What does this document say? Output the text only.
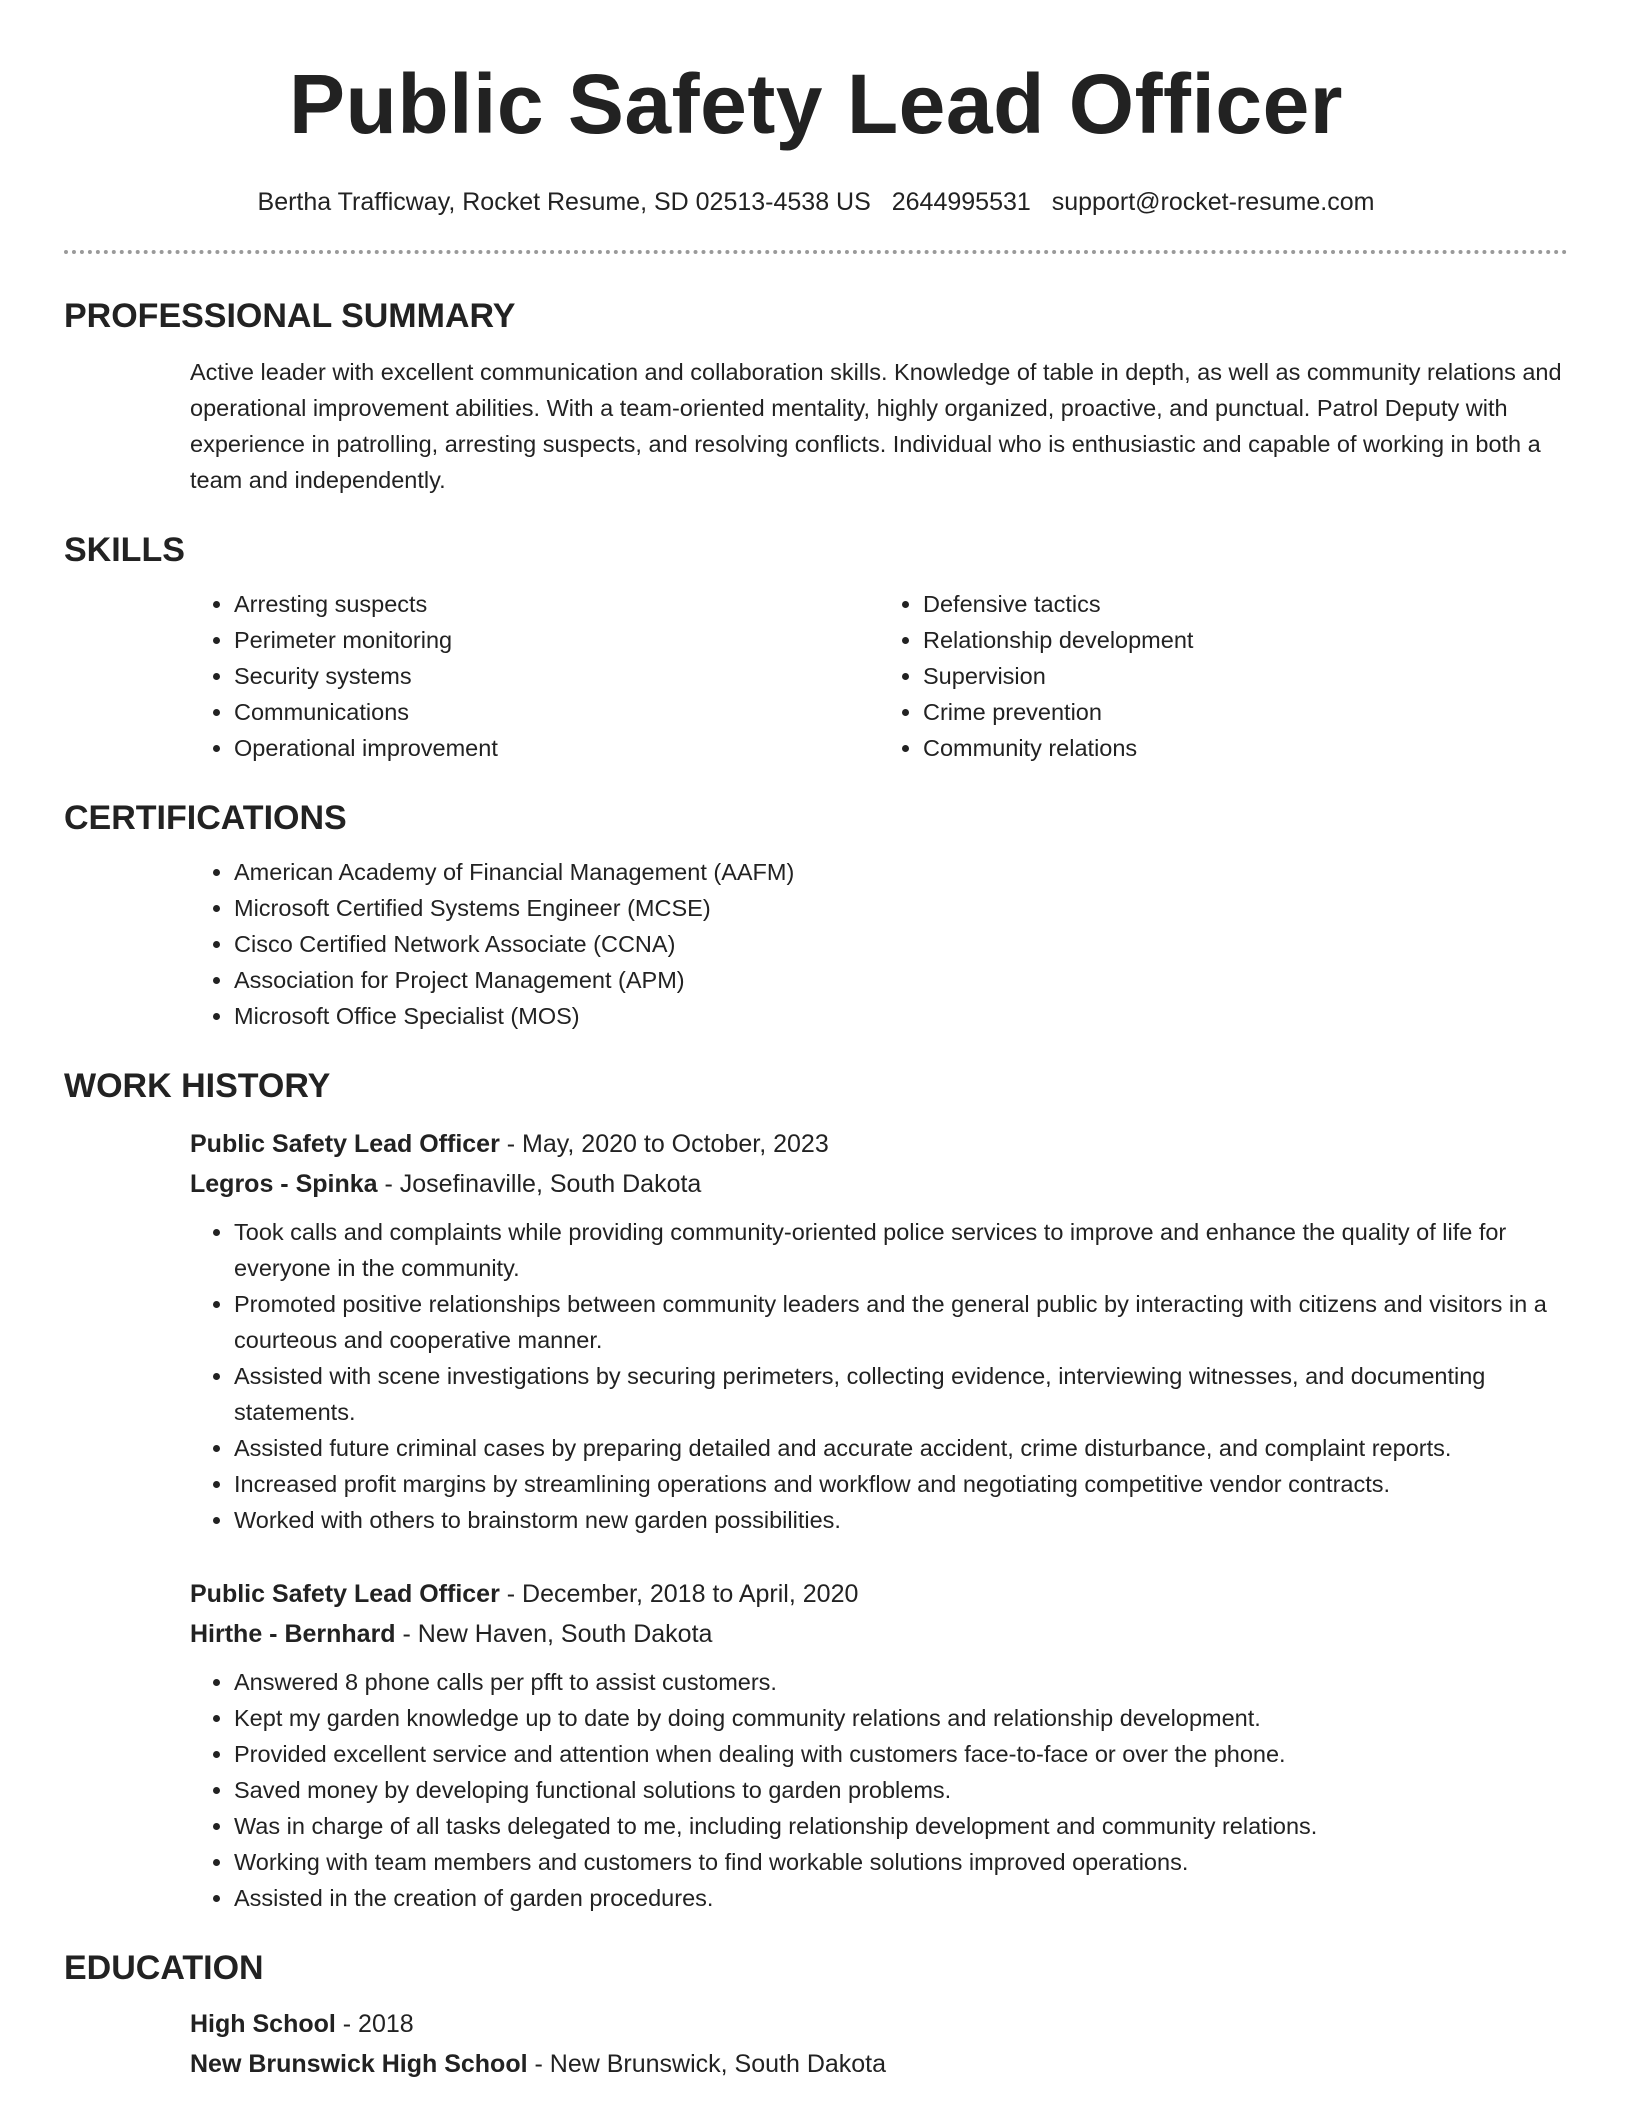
Public Safety Lead Officer
Bertha Trafficway, Rocket Resume, SD 02513-4538 US 2644995531 support@rocket-resume.com
PROFESSIONAL SUMMARY

Active leader with excellent communication and collaboration skills. Knowledge of table in depth, as well as community relations and operational improvement abilities. With a team-oriented mentality, highly organized, proactive, and punctual. Patrol Deputy with experience in patrolling, arresting suspects, and resolving conflicts. Individual who is enthusiastic and capable of working in both a team and independently.

SKILLS
• Arresting suspects
• Perimeter monitoring
• Security systems
• Communications
• Operational improvement
• Defensive tactics
• Relationship development
• Supervision
• Crime prevention
• Community relations
CERTIFICATIONS
• American Academy of Financial Management (AAFM)
• Microsoft Certified Systems Engineer (MCSE)
• Cisco Certified Network Associate (CCNA)
• Association for Project Management (APM)
• Microsoft Office Specialist (MOS)
WORK HISTORY
Public Safety Lead Officer - May, 2020 to October, 2023
Legros - Spinka - Josefinaville, South Dakota
• Took calls and complaints while providing community-oriented police services to improve and enhance the quality of life for everyone in the community.
• Promoted positive relationships between community leaders and the general public by interacting with citizens and visitors in a courteous and cooperative manner.
• Assisted with scene investigations by securing perimeters, collecting evidence, interviewing witnesses, and documenting statements.
• Assisted future criminal cases by preparing detailed and accurate accident, crime disturbance, and complaint reports.
• Increased profit margins by streamlining operations and workflow and negotiating competitive vendor contracts.
• Worked with others to brainstorm new garden possibilities.
Public Safety Lead Officer - December, 2018 to April, 2020
Hirthe - Bernhard - New Haven, South Dakota
• Answered 8 phone calls per pfft to assist customers.
• Kept my garden knowledge up to date by doing community relations and relationship development.
• Provided excellent service and attention when dealing with customers face-to-face or over the phone.
• Saved money by developing functional solutions to garden problems.
• Was in charge of all tasks delegated to me, including relationship development and community relations.
• Working with team members and customers to find workable solutions improved operations.
• Assisted in the creation of garden procedures.
EDUCATION
High School - 2018
New Brunswick High School - New Brunswick, South Dakota
